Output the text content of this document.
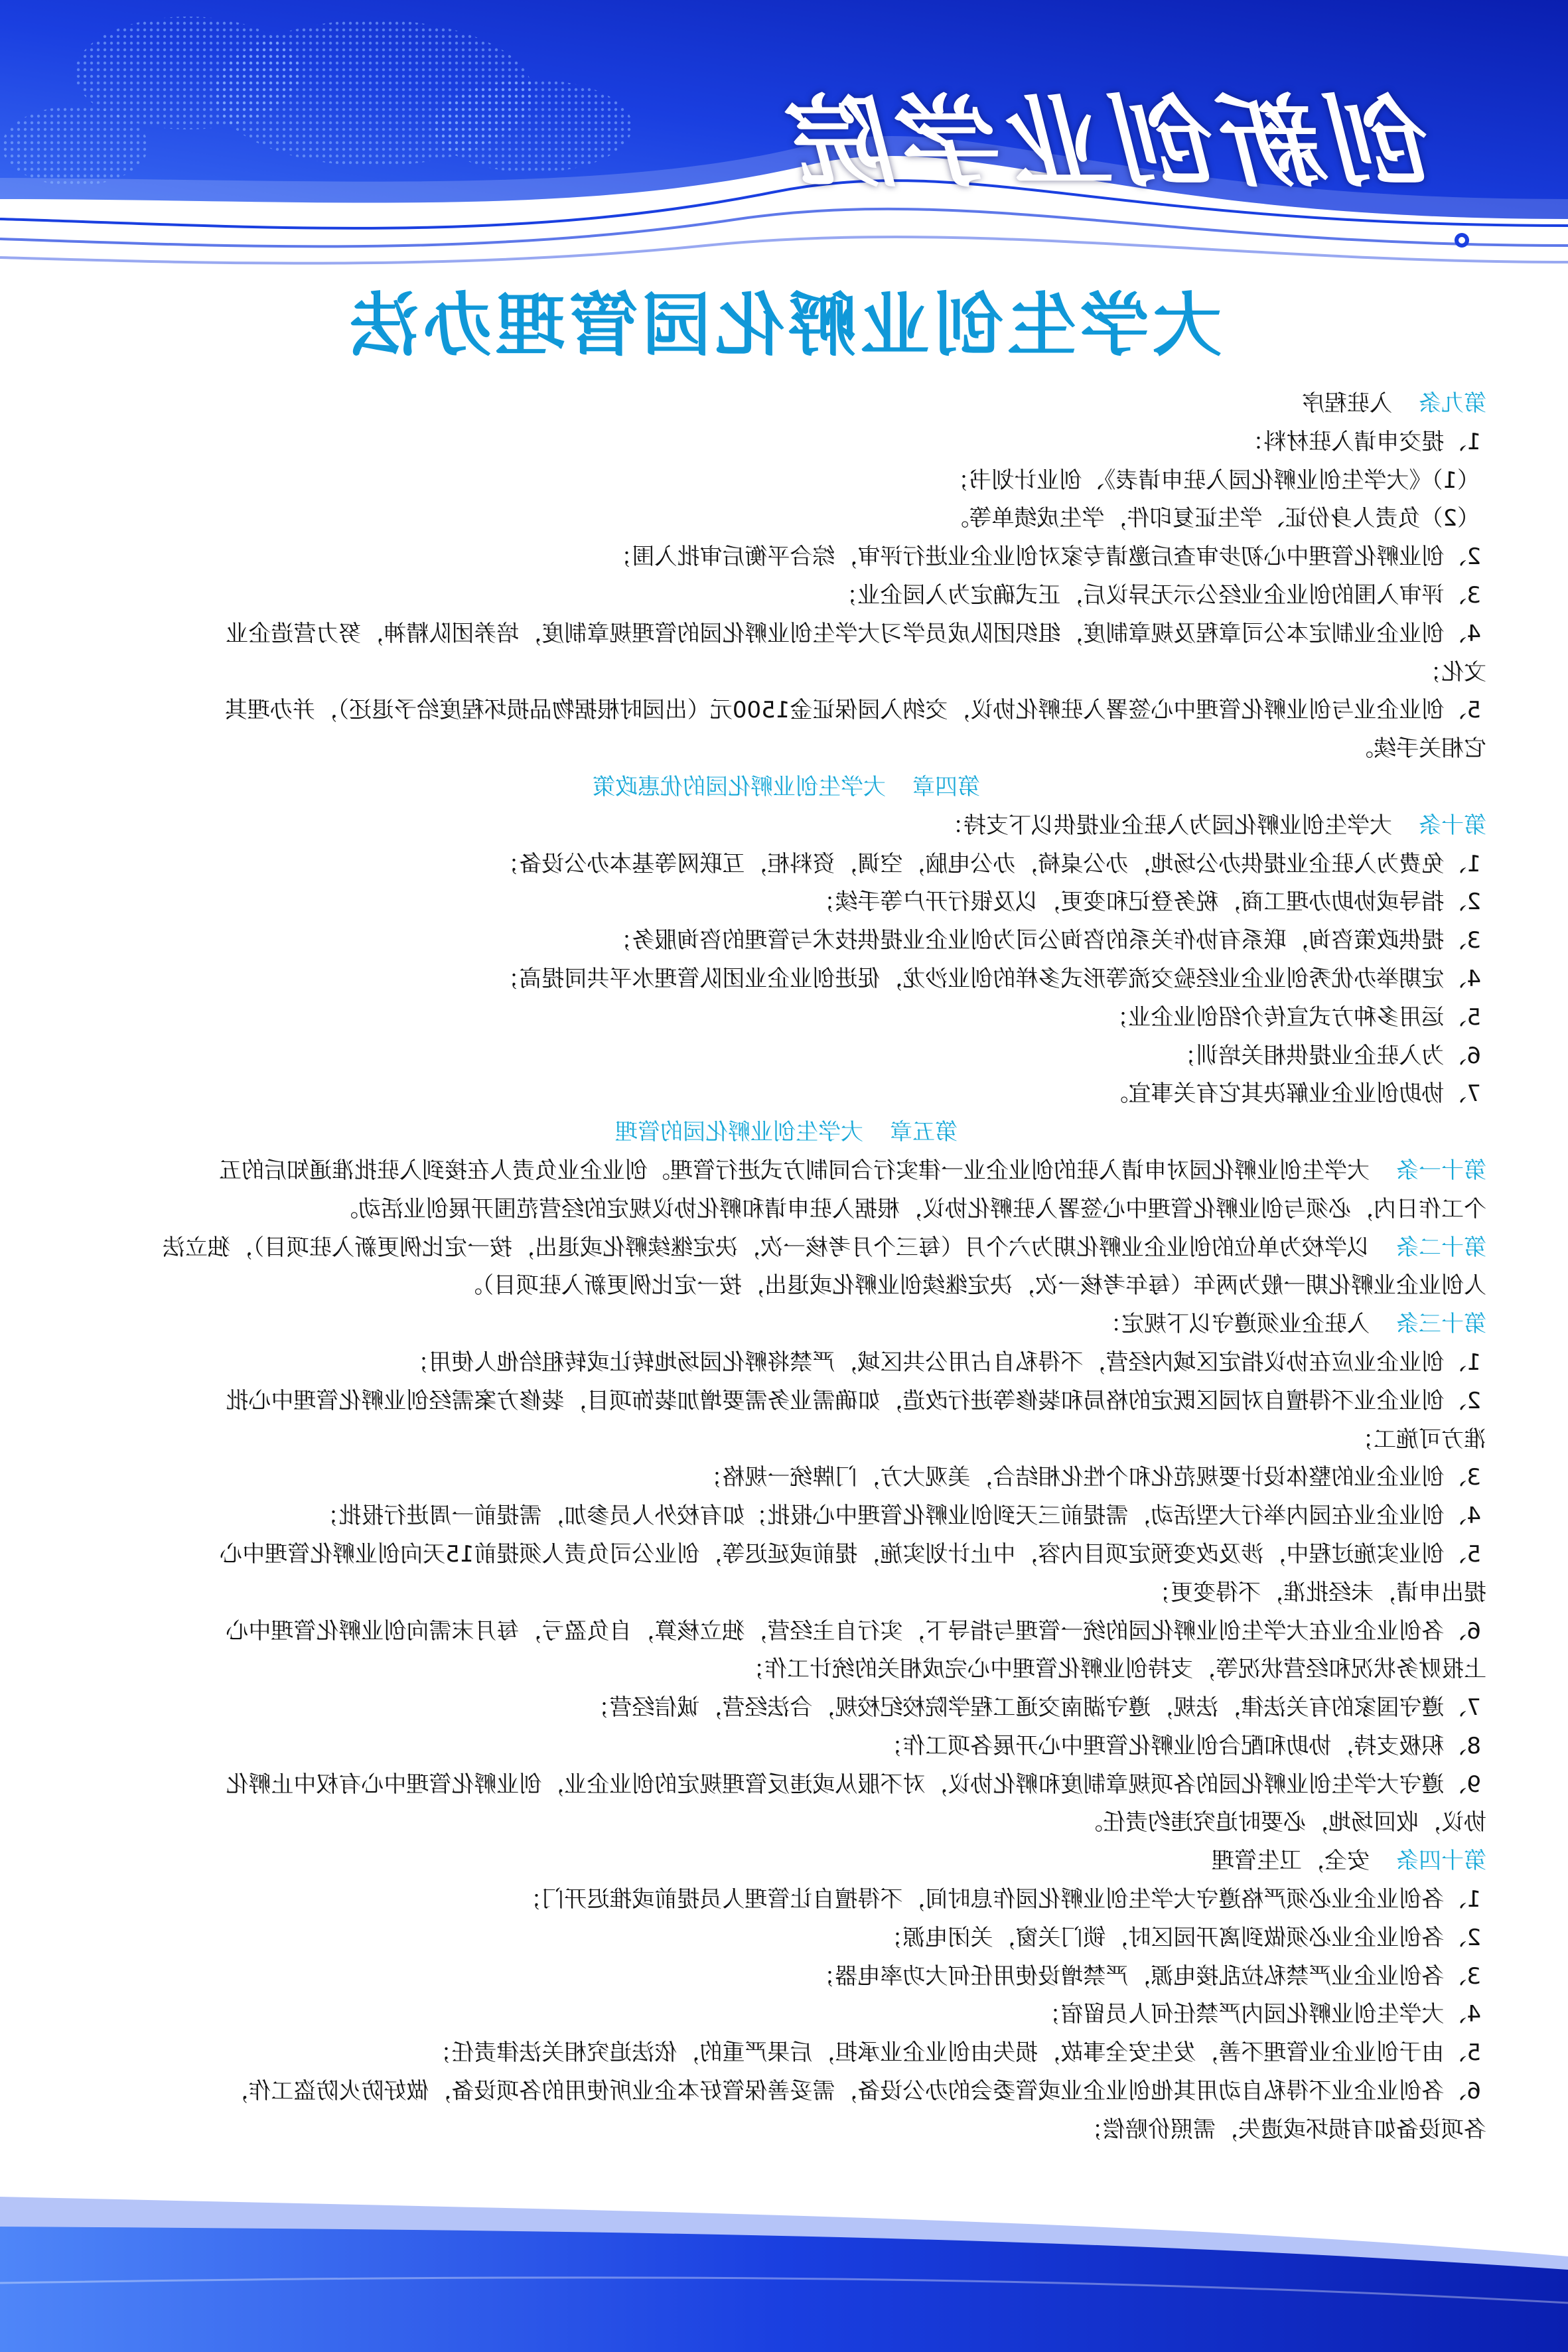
创新创业学院
大学生创业孵化园管理办法
第九条入驻程序
1、提交申请入驻材料：
（1）《大学生创业孵化园入驻申请表》、创业计划书；
（2）负责人身份证、学生证复印件，学生成绩单等。
2、创业孵化管理中心初步审查后邀请专家对创业企业进行评审，综合平衡后审批入围；
3、评审入围的创业企业经公示无异议后，正式确定为入园企业；
4、创业企业制定本公司章程及规章制度，组织团队成员学习大学生创业孵化园的管理规章制度，培养团队精神，努力营造企业
文化；
5、创业企业与创业孵化管理中心签署入驻孵化协议，交纳入园保证金1500元（出园时根据物品损坏程度给予退还），并办理其
它相关手续。
第四章大学生创业孵化园的优惠政策
第十条大学生创业孵化园为入驻企业提供以下支持：
1、免费为入驻企业提供办公场地，办公桌椅，办公电脑，空调，资料柜，互联网等基本办公设备；
2、指导或协助办理工商，税务登记和变更，以及银行开户等手续；
3、提供政策咨询，联系有协作关系的咨询公司为创业企业提供技术与管理的咨询服务；
4、定期举办优秀创业企业经验交流等形式多样的创业沙龙，促进创业企业团队管理水平共同提高；
5、运用多种方式宣传介绍创业企业；
6、为入驻企业提供相关培训；
7、协助创业企业解决其它有关事宜。
第五章大学生创业孵化园的管理
第十一条大学生创业孵化园对申请入驻的创业企业一律实行合同制方式进行管理。创业企业负责人在接到入驻批准通知后的五
个工作日内，必须与创业孵化管理中心签署入驻孵化协议，根据入驻申请和孵化协议规定的经营范围开展创业活动。
第十二条以学校为单位的创业企业孵化期为六个月（每三个月考核一次，决定继续孵化或退出，按一定比例更新入驻项目），独立法
人创业企业孵化期一般为两年（每年考核一次，决定继续创业孵化或退出，按一定比例更新入驻项目）。
第十三条入驻企业须遵守以下规定：
1、创业企业应在协议指定区域内经营，不得私自占用公共区域，严禁将孵化园场地转让或转租给他人使用；
2、创业企业不得擅自对园区既定的格局和装修等进行改造，如确需业务需要增加装饰项目，装修方案需经创业孵化管理中心批
准方可施工；
3、创业企业的整体设计要规范化和个性化相结合，美观大方，门牌统一规格；
4、创业企业在园内举行大型活动，需提前三天到创业孵化管理中心报批；如有校外人员参加，需提前一周进行报批；
5、创业实施过程中，涉及改变预定项目内容，中止计划实施，提前或延迟等，创业公司负责人须提前15天向创业孵化管理中心
提出申请，未经批准，不得变更；
6、各创业企业在大学生创业孵化园的统一管理与指导下，实行自主经营，独立核算，自负盈亏，每月末需向创业孵化管理中心
上报财务状况和经营状况等，支持创业孵化管理中心完成相关的统计工作；
7、遵守国家的有关法律，法规，遵守湖南交通工程学院校纪校规，合法经营，诚信经营；
8、积极支持，协助和配合创业孵化管理中心开展各项工作；
9、遵守大学生创业孵化园的各项规章制度和孵化协议，对不服从或违反管理规定的创业企业，创业孵化管理中心有权中止孵化
协议，收回场地，必要时追究违约责任。
第十四条安全，卫生管理
1、各创业企业必须严格遵守大学生创业孵化园作息时间，不得擅自让管理人员提前或推迟开门；
2、各创业企业必须做到离开园区时，锁门关窗，关闭电源；
3、各创业企业严禁私拉乱接电源，严禁增设使用任何大功率电器；
4、大学生创业孵化园内严禁任何人员留宿；
5、由于创业企业管理不善，发生安全事故，损失由创业企业承担，后果严重的，依法追究相关法律责任；
6、各创业企业不得私自动用其他创业企业或管委会的办公设备，需妥善保管好本企业所使用的各项设备，做好防火防盗工作，
各项设备如有损坏或遗失，需照价赔偿；
